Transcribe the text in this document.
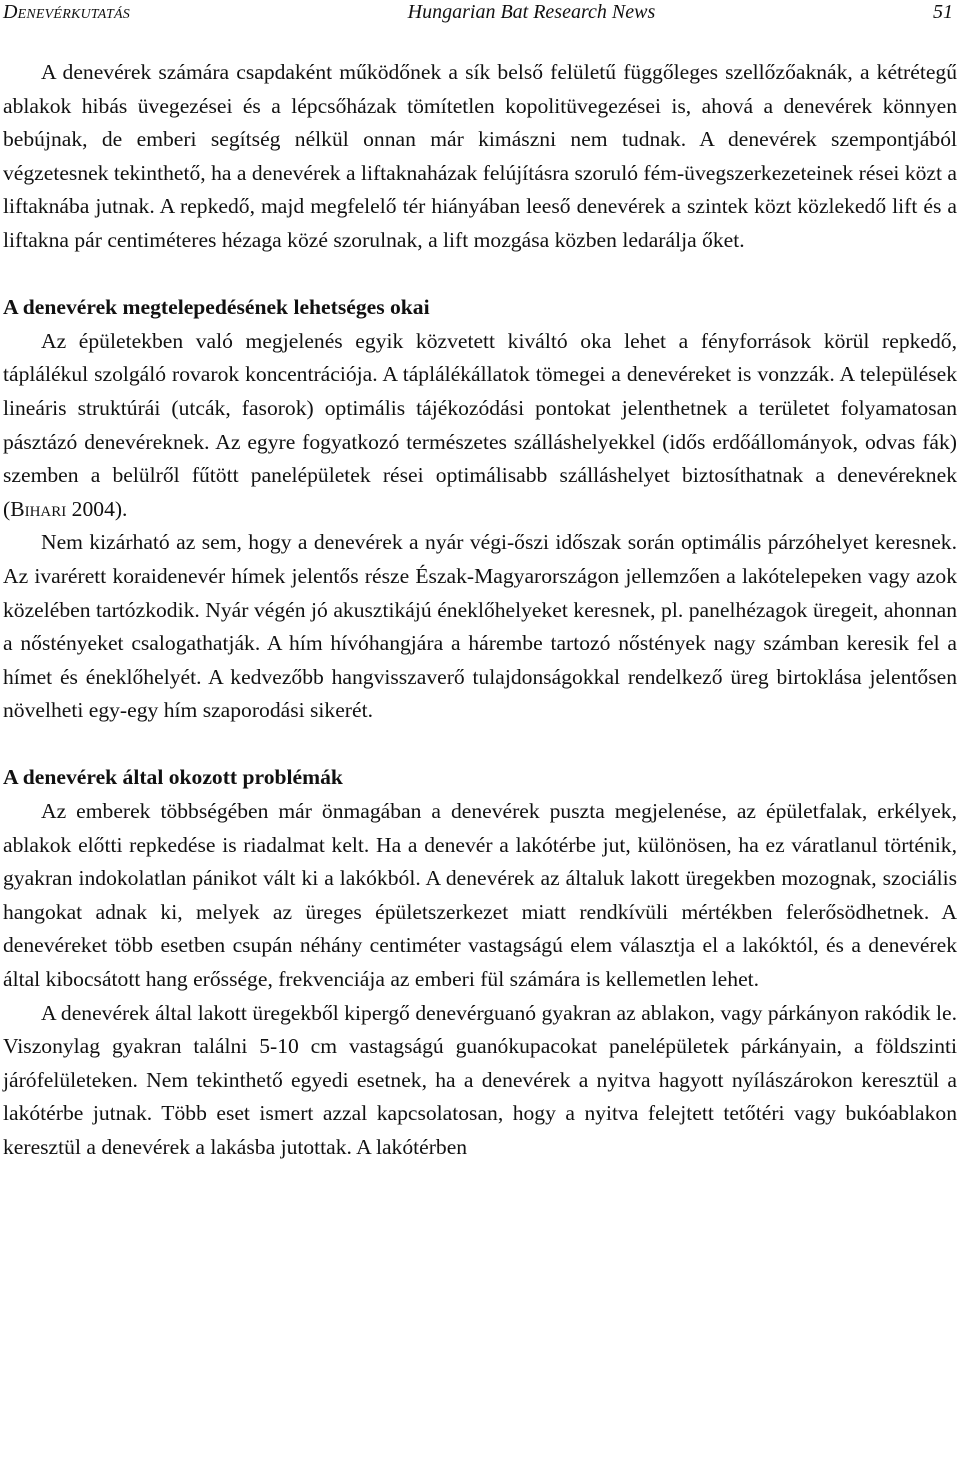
Denevérkutatás	Hungarian Bat Research News	51

A denevérek számára csapdaként működőnek a sík belső felületű függőleges szellőzőaknák, a kétrétegű ablakok hibás üvegezései és a lépcsőházak tömítetlen kopolitüvegezései is, ahová a denevérek könnyen bebújnak, de emberi segítség nélkül onnan már kimászni nem tudnak. A denevérek szempontjából végzetesnek tekinthető, ha a denevérek a liftaknaházak felújításra szoruló fém-üvegszerkezeteinek rései közt a liftaknába jutnak. A repkedő, majd megfelelő tér hiányában leeső denevérek a szintek közt közlekedő lift és a liftakna pár centiméteres hézaga közé szorulnak, a lift mozgása közben ledarálja őket.

A denevérek megtelepedésének lehetséges okai

Az épületekben való megjelenés egyik közvetett kiváltó oka lehet a fényforrások körül repkedő, táplálékul szolgáló rovarok koncentrációja. A táplálékállatok tömegei a denevéreket is vonzzák. A települések lineáris struktúrái (utcák, fasorok) optimális tájékozódási pontokat jelenthetnek a területet folyamatosan pásztázó denevéreknek. Az egyre fogyatkozó természetes szálláshelyekkel (idős erdőállományok, odvas fák) szemben a belülről fűtött panelépületek rései optimálisabb szálláshelyet biztosíthatnak a denevéreknek (Bihari 2004).

Nem kizárható az sem, hogy a denevérek a nyár végi-őszi időszak során optimális párzóhelyet keresnek. Az ivarérett koraidenevér hímek jelentős része Észak-Magyarországon jellemzően a lakótelepeken vagy azok közelében tartózkodik. Nyár végén jó akusztikájú éneklőhelyeket keresnek, pl. panelhézagok üregeit, ahonnan a nőstényeket csalogathatják. A hím hívóhangjára a hárembe tartozó nőstények nagy számban keresik fel a hímet és éneklőhelyét. A kedvezőbb hangvisszaverő tulajdonságokkal rendelkező üreg birtoklása jelentősen növelheti egy-egy hím szaporodási sikerét.

A denevérek által okozott problémák

Az emberek többségében már önmagában a denevérek puszta megjelenése, az épületfalak, erkélyek, ablakok előtti repkedése is riadalmat kelt. Ha a denevér a lakótérbe jut, különösen, ha ez váratlanul történik, gyakran indokolatlan pánikot vált ki a lakókból. A denevérek az általuk lakott üregekben mozognak, szociális hangokat adnak ki, melyek az üreges épületszerkezet miatt rendkívüli mértékben felerősödhetnek. A denevéreket több esetben csupán néhány centiméter vastagságú elem választja el a lakóktól, és a denevérek által kibocsátott hang erőssége, frekvenciája az emberi fül számára is kellemetlen lehet.

A denevérek által lakott üregekből kipergő denevérguanó gyakran az ablakon, vagy párkányon rakódik le. Viszonylag gyakran találni 5-10 cm vastagságú guanókupacokat panelépületek párkányain, a földszinti járófelületeken. Nem tekinthető egyedi esetnek, ha a denevérek a nyitva hagyott nyílászárokon keresztül a lakótérbe jutnak. Több eset ismert azzal kapcsolatosan, hogy a nyitva felejtett tetőtéri vagy bukóablakon keresztül a denevérek a lakásba jutottak. A lakótérben
